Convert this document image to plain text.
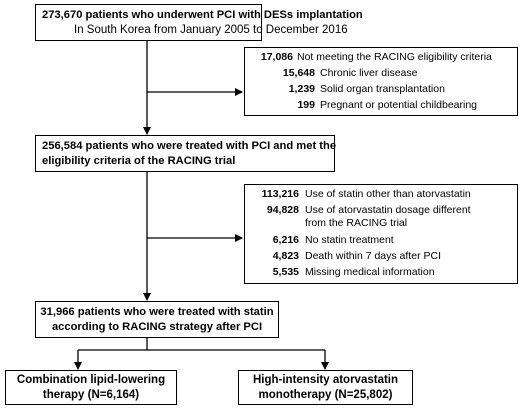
273,670 patients who underwent PCI with DESs implantation
In South Korea from January 2005 to December 2016
17,086 Not meeting the RACING eligibility criteria
15,648 Chronic liver disease
1,239 Solid organ transplantation
199 Pregnant or potential childbearing
256,584 patients who were treated with PCI and met the
eligibility criteria of the RACING trial
113,216 Use of statin other than atorvastatin
94,828 Use of atorvastatin dosage different
from the RACING trial
6,216 No statin treatment
4,823 Death within 7 days after PCI
5,535 Missing medical information
31,966 patients who were treated with statin
according to RACING strategy after PCI
Combination lipid-lowering
therapy (N=6,164)
High-intensity atorvastatin
monotherapy (N=25,802)
